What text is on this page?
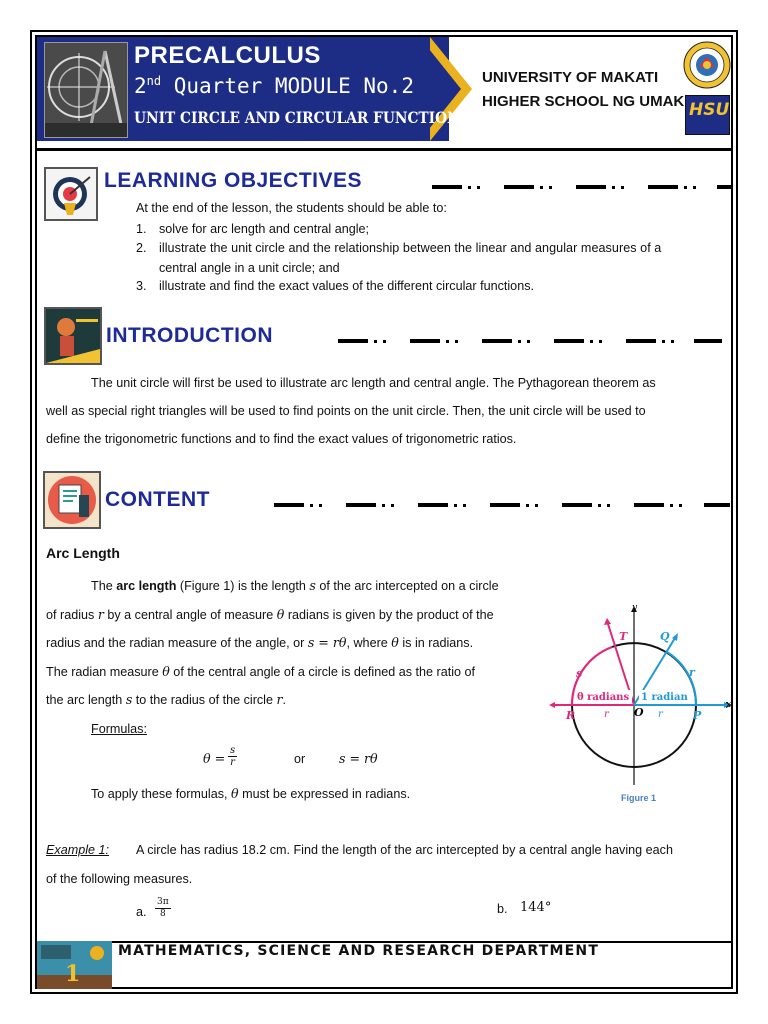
PRECALCULUS
2nd Quarter MODULE No.2
UNIT CIRCLE AND CIRCULAR FUNCTIONS
UNIVERSITY OF MAKATI
HIGHER SCHOOL NG UMAK HSU
LEARNING OBJECTIVES
At the end of the lesson, the students should be able to:
1. solve for arc length and central angle;
2. illustrate the unit circle and the relationship between the linear and angular measures of a
central angle in a unit circle; and
3. illustrate and find the exact values of the different circular functions.
INTRODUCTION
The unit circle will first be used to illustrate arc length and central angle. The Pythagorean theorem as
well as special right triangles will be used to find points on the unit circle. Then, the unit circle will be used to
define the trigonometric functions and to find the exact values of trigonometric ratios.
CONTENT
Arc Length
The arc length (Figure 1) is the length s of the arc intercepted on a circle
of radius r by a central angle of measure θ radians is given by the product of the
radius and the radian measure of the angle, or s = rθ, where θ is in radians.
The radian measure θ of the central angle of a circle is defined as the ratio of
the arc length s to the radius of the circle r.
Formulas:
$\theta = \frac{s}{r}$	or	s = rθ
To apply these formulas, θ must be expressed in radians.
y
x
T	Q
s	r
θ radians 1 radian
R	r O r	P
Figure 1
Example 1: A circle has radius 18.2 cm. Find the length of the arc intercepted by a central angle having each
of the following measures.
a. $\frac{3\pi}{8}$	b. 144°
1
MATHEMATICS, SCIENCE AND RESEARCH DEPARTMENT
